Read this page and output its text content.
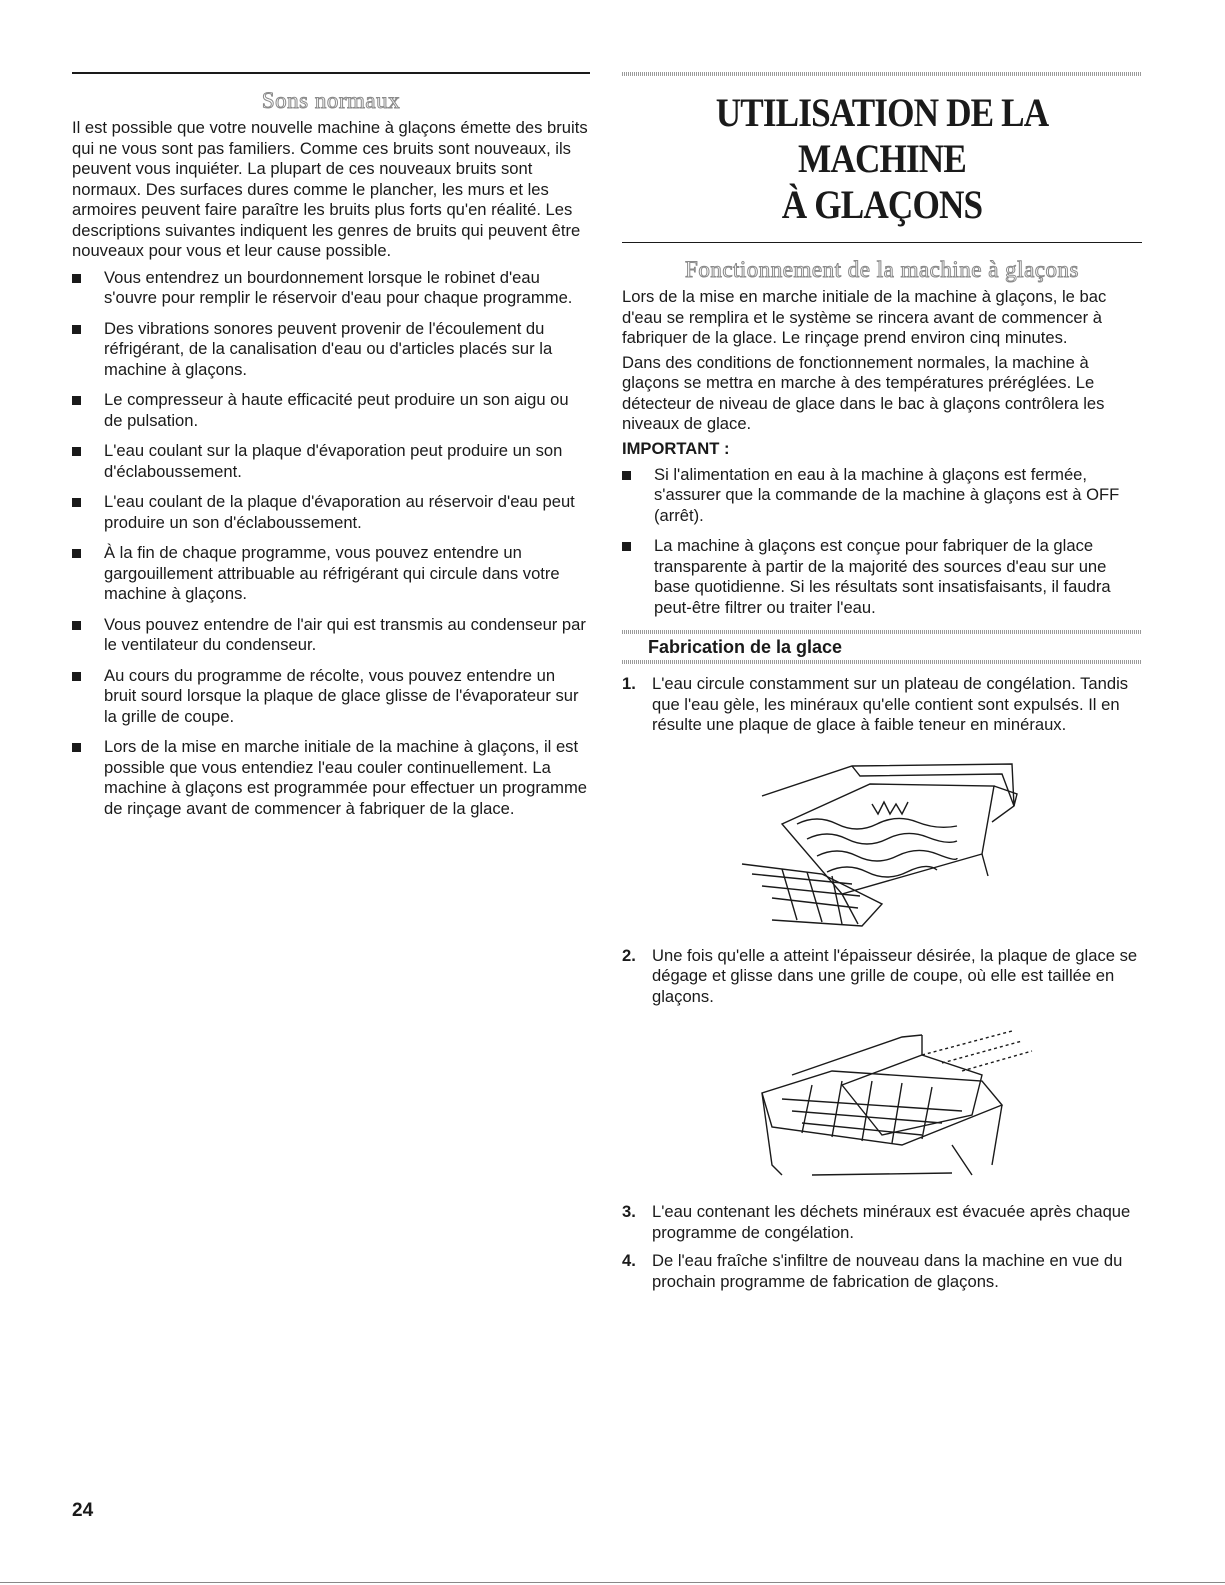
Sons normaux

Il est possible que votre nouvelle machine à glaçons émette des bruits qui ne vous sont pas familiers. Comme ces bruits sont nouveaux, ils peuvent vous inquiéter. La plupart de ces nouveaux bruits sont normaux. Des surfaces dures comme le plancher, les murs et les armoires peuvent faire paraître les bruits plus forts qu'en réalité. Les descriptions suivantes indiquent les genres de bruits qui peuvent être nouveaux pour vous et leur cause possible.

Vous entendrez un bourdonnement lorsque le robinet d'eau s'ouvre pour remplir le réservoir d'eau pour chaque programme.
Des vibrations sonores peuvent provenir de l'écoulement du réfrigérant, de la canalisation d'eau ou d'articles placés sur la machine à glaçons.
Le compresseur à haute efficacité peut produire un son aigu ou de pulsation.
L'eau coulant sur la plaque d'évaporation peut produire un son d'éclaboussement.
L'eau coulant de la plaque d'évaporation au réservoir d'eau peut produire un son d'éclaboussement.
À la fin de chaque programme, vous pouvez entendre un gargouillement attribuable au réfrigérant qui circule dans votre machine à glaçons.
Vous pouvez entendre de l'air qui est transmis au condenseur par le ventilateur du condenseur.
Au cours du programme de récolte, vous pouvez entendre un bruit sourd lorsque la plaque de glace glisse de l'évaporateur sur la grille de coupe.
Lors de la mise en marche initiale de la machine à glaçons, il est possible que vous entendiez l'eau couler continuellement. La machine à glaçons est programmée pour effectuer un programme de rinçage avant de commencer à fabriquer de la glace.
UTILISATION DE LA MACHINE
À GLAÇONS
Fonctionnement de la machine à glaçons

Lors de la mise en marche initiale de la machine à glaçons, le bac d'eau se remplira et le système se rincera avant de commencer à fabriquer de la glace. Le rinçage prend environ cinq minutes.

Dans des conditions de fonctionnement normales, la machine à glaçons se mettra en marche à des températures préréglées. Le détecteur de niveau de glace dans le bac à glaçons contrôlera les niveaux de glace.

IMPORTANT :
Si l'alimentation en eau à la machine à glaçons est fermée, s'assurer que la commande de la machine à glaçons est à OFF (arrêt).
La machine à glaçons est conçue pour fabriquer de la glace transparente à partir de la majorité des sources d'eau sur une base quotidienne. Si les résultats sont insatisfaisants, il faudra peut-être filtrer ou traiter l'eau.
Fabrication de la glace
1. L'eau circule constamment sur un plateau de congélation. Tandis que l'eau gèle, les minéraux qu'elle contient sont expulsés. Il en résulte une plaque de glace à faible teneur en minéraux.
2. Une fois qu'elle a atteint l'épaisseur désirée, la plaque de glace se dégage et glisse dans une grille de coupe, où elle est taillée en glaçons.
3. L'eau contenant les déchets minéraux est évacuée après chaque programme de congélation.
4. De l'eau fraîche s'infiltre de nouveau dans la machine en vue du prochain programme de fabrication de glaçons.
24
